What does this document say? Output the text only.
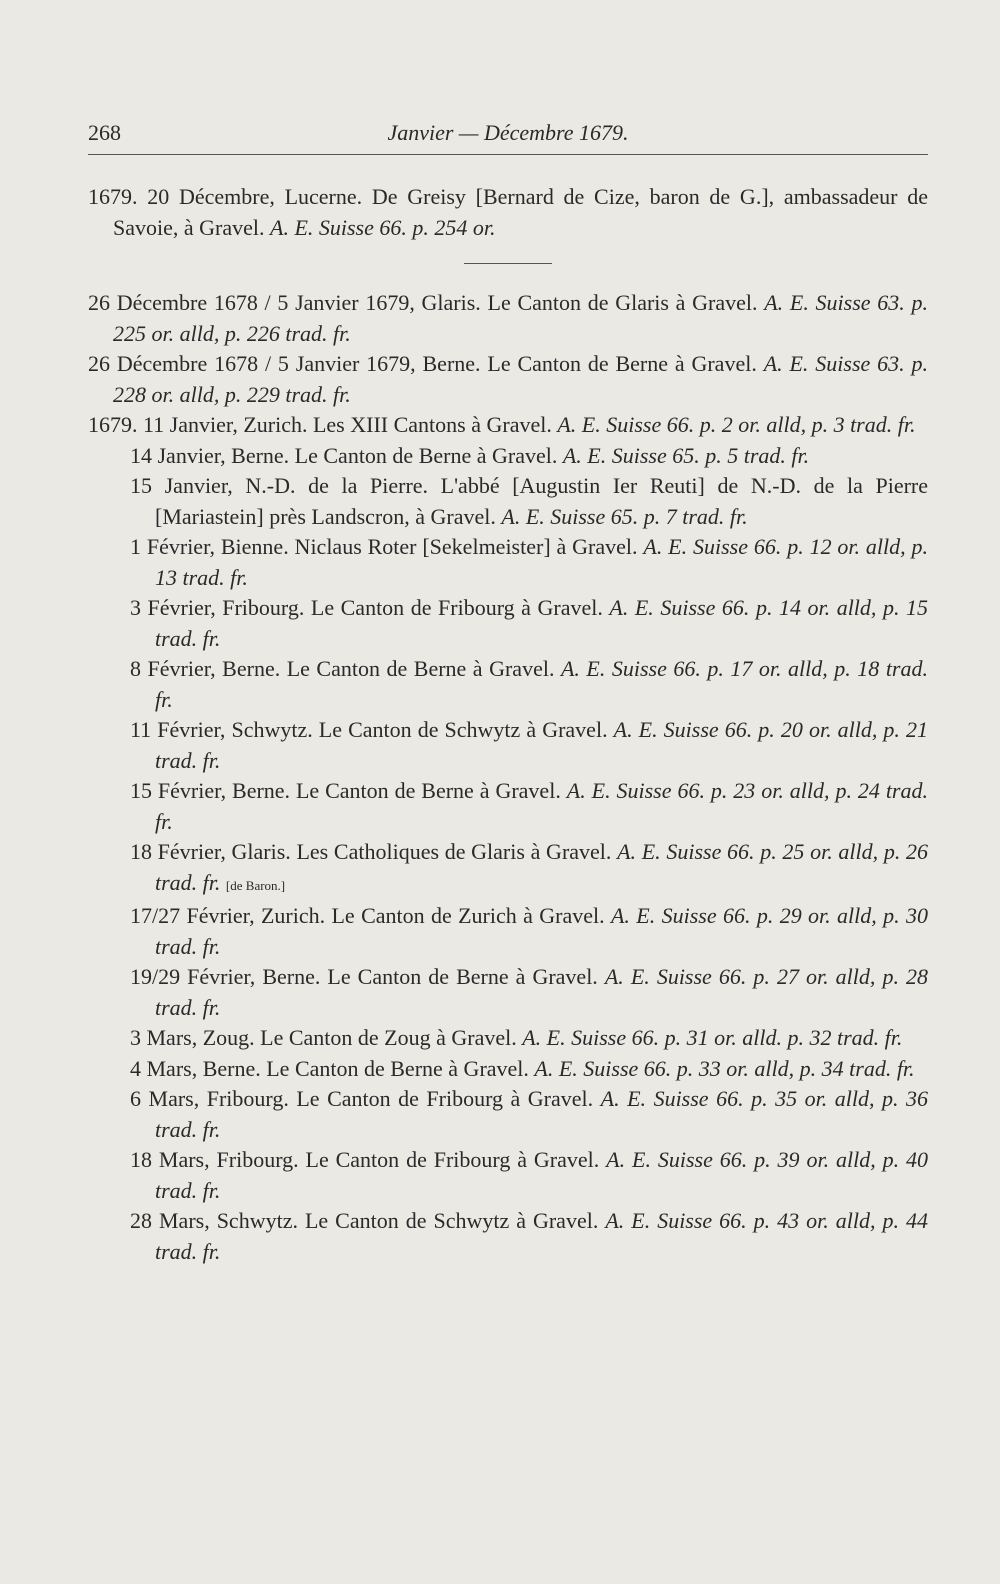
268	Janvier — Décembre 1679.

1679. 20 Décembre, Lucerne. De Greisy [Bernard de Cize, baron de G.], ambassadeur de Savoie, à Gravel. A. E. Suisse 66. p. 254 or.

26 Décembre 1678 / 5 Janvier 1679, Glaris. Le Canton de Glaris à Gravel. A. E. Suisse 63. p. 225 or. alld, p. 226 trad. fr.

26 Décembre 1678 / 5 Janvier 1679, Berne. Le Canton de Berne à Gravel. A. E. Suisse 63. p. 228 or. alld, p. 229 trad. fr.

1679. 11 Janvier, Zurich. Les XIII Cantons à Gravel. A. E. Suisse 66. p. 2 or. alld, p. 3 trad. fr.

14 Janvier, Berne. Le Canton de Berne à Gravel. A. E. Suisse 65. p. 5 trad. fr.

15 Janvier, N.-D. de la Pierre. L'abbé [Augustin Ier Reuti] de N.-D. de la Pierre [Mariastein] près Landscron, à Gravel. A. E. Suisse 65. p. 7 trad. fr.

1 Février, Bienne. Niclaus Roter [Sekelmeister] à Gravel. A. E. Suisse 66. p. 12 or. alld, p. 13 trad. fr.

3 Février, Fribourg. Le Canton de Fribourg à Gravel. A. E. Suisse 66. p. 14 or. alld, p. 15 trad. fr.

8 Février, Berne. Le Canton de Berne à Gravel. A. E. Suisse 66. p. 17 or. alld, p. 18 trad. fr.

11 Février, Schwytz. Le Canton de Schwytz à Gravel. A. E. Suisse 66. p. 20 or. alld, p. 21 trad. fr.

15 Février, Berne. Le Canton de Berne à Gravel. A. E. Suisse 66. p. 23 or. alld, p. 24 trad. fr.

18 Février, Glaris. Les Catholiques de Glaris à Gravel. A. E. Suisse 66. p. 25 or. alld, p. 26 trad. fr. [de Baron.]

17/27 Février, Zurich. Le Canton de Zurich à Gravel. A. E. Suisse 66. p. 29 or. alld, p. 30 trad. fr.

19/29 Février, Berne. Le Canton de Berne à Gravel. A. E. Suisse 66. p. 27 or. alld, p. 28 trad. fr.

3 Mars, Zoug. Le Canton de Zoug à Gravel. A. E. Suisse 66. p. 31 or. alld. p. 32 trad. fr.

4 Mars, Berne. Le Canton de Berne à Gravel. A. E. Suisse 66. p. 33 or. alld, p. 34 trad. fr.

6 Mars, Fribourg. Le Canton de Fribourg à Gravel. A. E. Suisse 66. p. 35 or. alld, p. 36 trad. fr.

18 Mars, Fribourg. Le Canton de Fribourg à Gravel. A. E. Suisse 66. p. 39 or. alld, p. 40 trad. fr.

28 Mars, Schwytz. Le Canton de Schwytz à Gravel. A. E. Suisse 66. p. 43 or. alld, p. 44 trad. fr.
